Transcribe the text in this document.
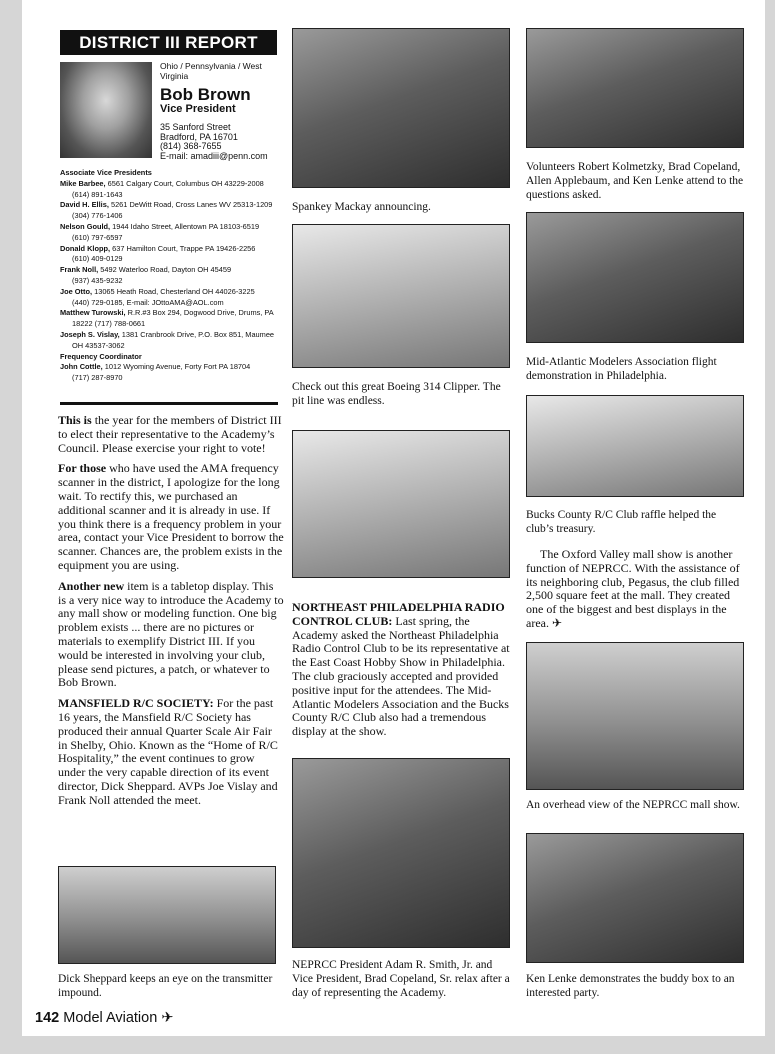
DISTRICT III REPORT
Ohio / Pennsylvania / West Virginia
Bob Brown
Vice President
35 Sanford Street
Bradford, PA 16701
(814) 368-7655
E-mail: amadiii@penn.com
Associate Vice Presidents
Mike Barbee, 6561 Calgary Court, Columbus OH 43229-2008
(614) 891-1643
David H. Ellis, 5261 DeWitt Road, Cross Lanes WV 25313-1209
(304) 776-1406
Nelson Gould, 1944 Idaho Street, Allentown PA 18103-6519
(610) 797-6597
Donald Klopp, 637 Hamilton Court, Trappe PA 19426-2256
(610) 409-0129
Frank Noll, 5492 Waterloo Road, Dayton OH 45459
(937) 435-9232
Joe Otto, 13065 Heath Road, Chesterland OH 44026-3225
(440) 729-0185, E-mail: JOttoAMA@AOL.com
Matthew Turowski, R.R.#3 Box 294, Dogwood Drive, Drums, PA
18222 (717) 788-0661
Joseph S. Vislay, 1381 Cranbrook Drive, P.O. Box 851, Maumee
OH 43537-3062
Frequency Coordinator
John Cottle, 1012 Wyoming Avenue, Forty Fort PA 18704
(717) 287-8970

This is the year for the members of District III to elect their representative to the Academy’s Council. Please exercise your right to vote!

For those who have used the AMA frequency scanner in the district, I apologize for the long wait. To rectify this, we purchased an additional scanner and it is already in use. If you think there is a frequency problem in your area, contact your Vice President to borrow the scanner. Chances are, the problem exists in the equipment you are using.

Another new item is a tabletop display. This is a very nice way to introduce the Academy to any mall show or modeling function. One big problem exists ... there are no pictures or materials to exemplify District III. If you would be interested in involving your club, please send pictures, a patch, or whatever to Bob Brown.

MANSFIELD R/C SOCIETY: For the past 16 years, the Mansfield R/C Society has produced their annual Quarter Scale Air Fair in Shelby, Ohio. Known as the “Home of R/C Hospitality,” the event continues to grow under the very capable direction of its event director, Dick Sheppard. AVPs Joe Vislay and Frank Noll attended the meet.

Dick Sheppard keeps an eye on the transmitter impound.
142 Model Aviation ✈
Spankey Mackay announcing.
Check out this great Boeing 314 Clipper. The pit line was endless.

NORTHEAST PHILADELPHIA RADIO CONTROL CLUB: Last spring, the Academy asked the Northeast Philadelphia Radio Control Club to be its representative at the East Coast Hobby Show in Philadelphia. The club graciously accepted and provided positive input for the attendees. The Mid-Atlantic Modelers Association and the Bucks County R/C Club also had a tremendous display at the show.

NEPRCC President Adam R. Smith, Jr. and Vice President, Brad Copeland, Sr. relax after a day of representing the Academy.
Volunteers Robert Kolmetzky, Brad Copeland, Allen Applebaum, and Ken Lenke attend to the questions asked.
Mid-Atlantic Modelers Association flight demonstration in Philadelphia.
Bucks County R/C Club raffle helped the club’s treasury.

The Oxford Valley mall show is another function of NEPRCC. With the assistance of its neighboring club, Pegasus, the club filled 2,500 square feet at the mall. They created one of the biggest and best displays in the area. ✈

An overhead view of the NEPRCC mall show.
Ken Lenke demonstrates the buddy box to an interested party.
